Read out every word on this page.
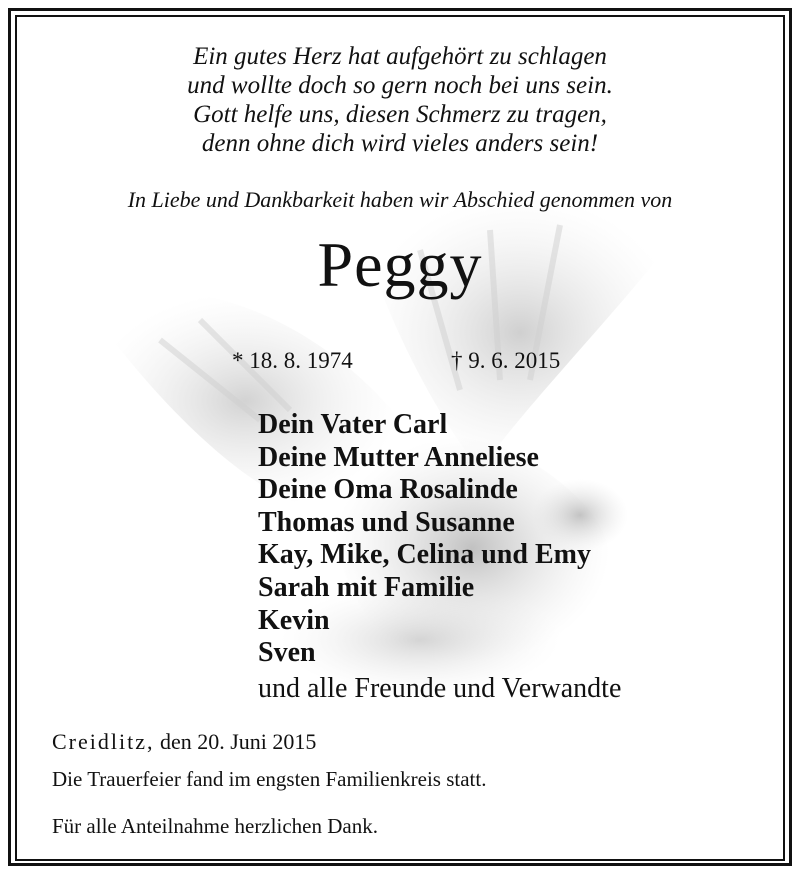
Ein gutes Herz hat aufgehört zu schlagen
und wollte doch so gern noch bei uns sein.
Gott helfe uns, diesen Schmerz zu tragen,
denn ohne dich wird vieles anders sein!
In Liebe und Dankbarkeit haben wir Abschied genommen von
Peggy
* 18. 8. 1974	† 9. 6. 2015
Dein Vater Carl
Deine Mutter Anneliese
Deine Oma Rosalinde
Thomas und Susanne
Kay, Mike, Celina und Emy
Sarah mit Familie
Kevin
Sven
und alle Freunde und Verwandte
Creidlitz, den 20. Juni 2015
Die Trauerfeier fand im engsten Familienkreis statt.
Für alle Anteilnahme herzlichen Dank.
